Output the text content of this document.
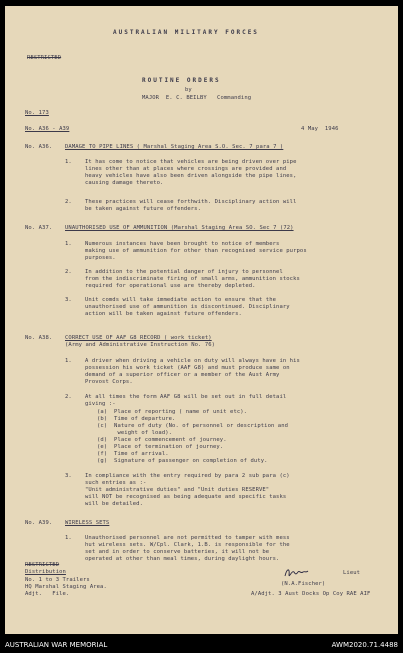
AUSTRALIAN MILITARY FORCES
RESTRICTED
ROUTINE ORDERS
by
MAJOR  E. C. BEILBY   Commanding
No. 173
No. A36 - A39	4 May  1946
No. A36. DAMAGE TO PIPE LINES ( Marshal Staging Area S.O. Sec. 7 para 7 )
1. It has come to notice that vehicles are being driven over pipe
lines other than at places where crossings are provided and
heavy vehicles have also been driven alongside the pipe lines,
causing damage thereto.
2. These practices will cease forthwith. Disciplinary action will
be taken against future offenders.
No. A37. UNAUTHORISED USE OF AMMUNITION (Marshal Staging Area SO. Sec 7 (72)
1. Numerous instances have been brought to notice of members
making use of ammunition for other than recognised service purpos
purposes.
2. In addition to the potential danger of injury to personnel
from the indiscriminate firing of small arms, ammunition stocks
required for operational use are thereby depleted.
3. Unit comds will take immediate action to ensure that the
unauthorised use of ammunition is discontinued. Disciplinary
action will be taken against future offenders.
No. A38. CORRECT USE OF AAF G8 RECORD ( work ticket)
(Army and Administrative Instruction No. 76)
1. A driver when driving a vehicle on duty will always have in his
possession his work ticket (AAF G8) and must produce same on
demand of a superior officer or a member of the Aust Army
Provost Corps.
2. At all times the form AAF G8 will be set out in full detail
giving :-
(a)  Place of reporting ( name of unit etc).
(b)  Time of departure.
(c)  Nature of duty (No. of personnel or description and
weight of load).
(d)  Place of commencement of journey.
(e)  Place of termination of journey.
(f)  Time of arrival.
(g)  Signature of passenger on completion of duty.
3. In compliance with the entry required by para 2 sub para (c)
such entries as :-
"Unit administrative duties" and "Unit duties RESERVE"
will NOT be recognised as being adequate and specific tasks
will be detailed.
No. A39. WIRELESS SETS
1. Unauthorised personnel are not permitted to tamper with mess
hut wireless sets. W/Cpl. Clark, 1.B. is responsible for the
set and in order to conserve batteries, it will not be
operated at other than meal times, during daylight hours.
RESTRICTED
Distribution
No. 1 to 3 Trailers
HQ Marshal Staging Area.
Adjt.   File.
Lieut
(N.A.Fischer)
A/Adjt. 3 Aust Docks Op Coy RAE AIF
AUSTRALIAN WAR MEMORIAL	AWM2020.71.4488
